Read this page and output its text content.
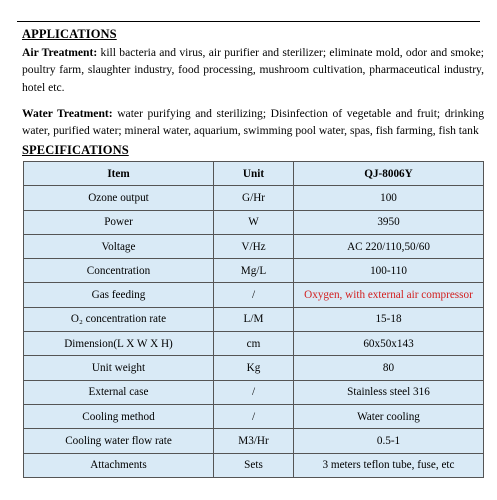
APPLICATIONS
Air Treatment: kill bacteria and virus, air purifier and sterilizer; eliminate mold, odor and smoke; poultry farm, slaughter industry, food processing, mushroom cultivation, pharmaceutical industry, hotel etc.
Water Treatment: water purifying and sterilizing; Disinfection of vegetable and fruit; drinking water, purified water; mineral water, aquarium, swimming pool water, spas, fish farming, fish tank
SPECIFICATIONS
Item	Unit	QJ-8006Y
Ozone output	G/Hr	100
Power	W	3950
Voltage	V/Hz	AC 220/110,50/60
Concentration	Mg/L	100-110
Gas feeding	/	Oxygen, with external air compressor
O₂ concentration rate	L/M	15-18
Dimension(L X W X H)	cm	60x50x143
Unit weight	Kg	80
External case	/	Stainless steel 316
Cooling method	/	Water cooling
Cooling water flow rate	M3/Hr	0.5-1
Attachments	Sets	3 meters teflon tube, fuse, etc
